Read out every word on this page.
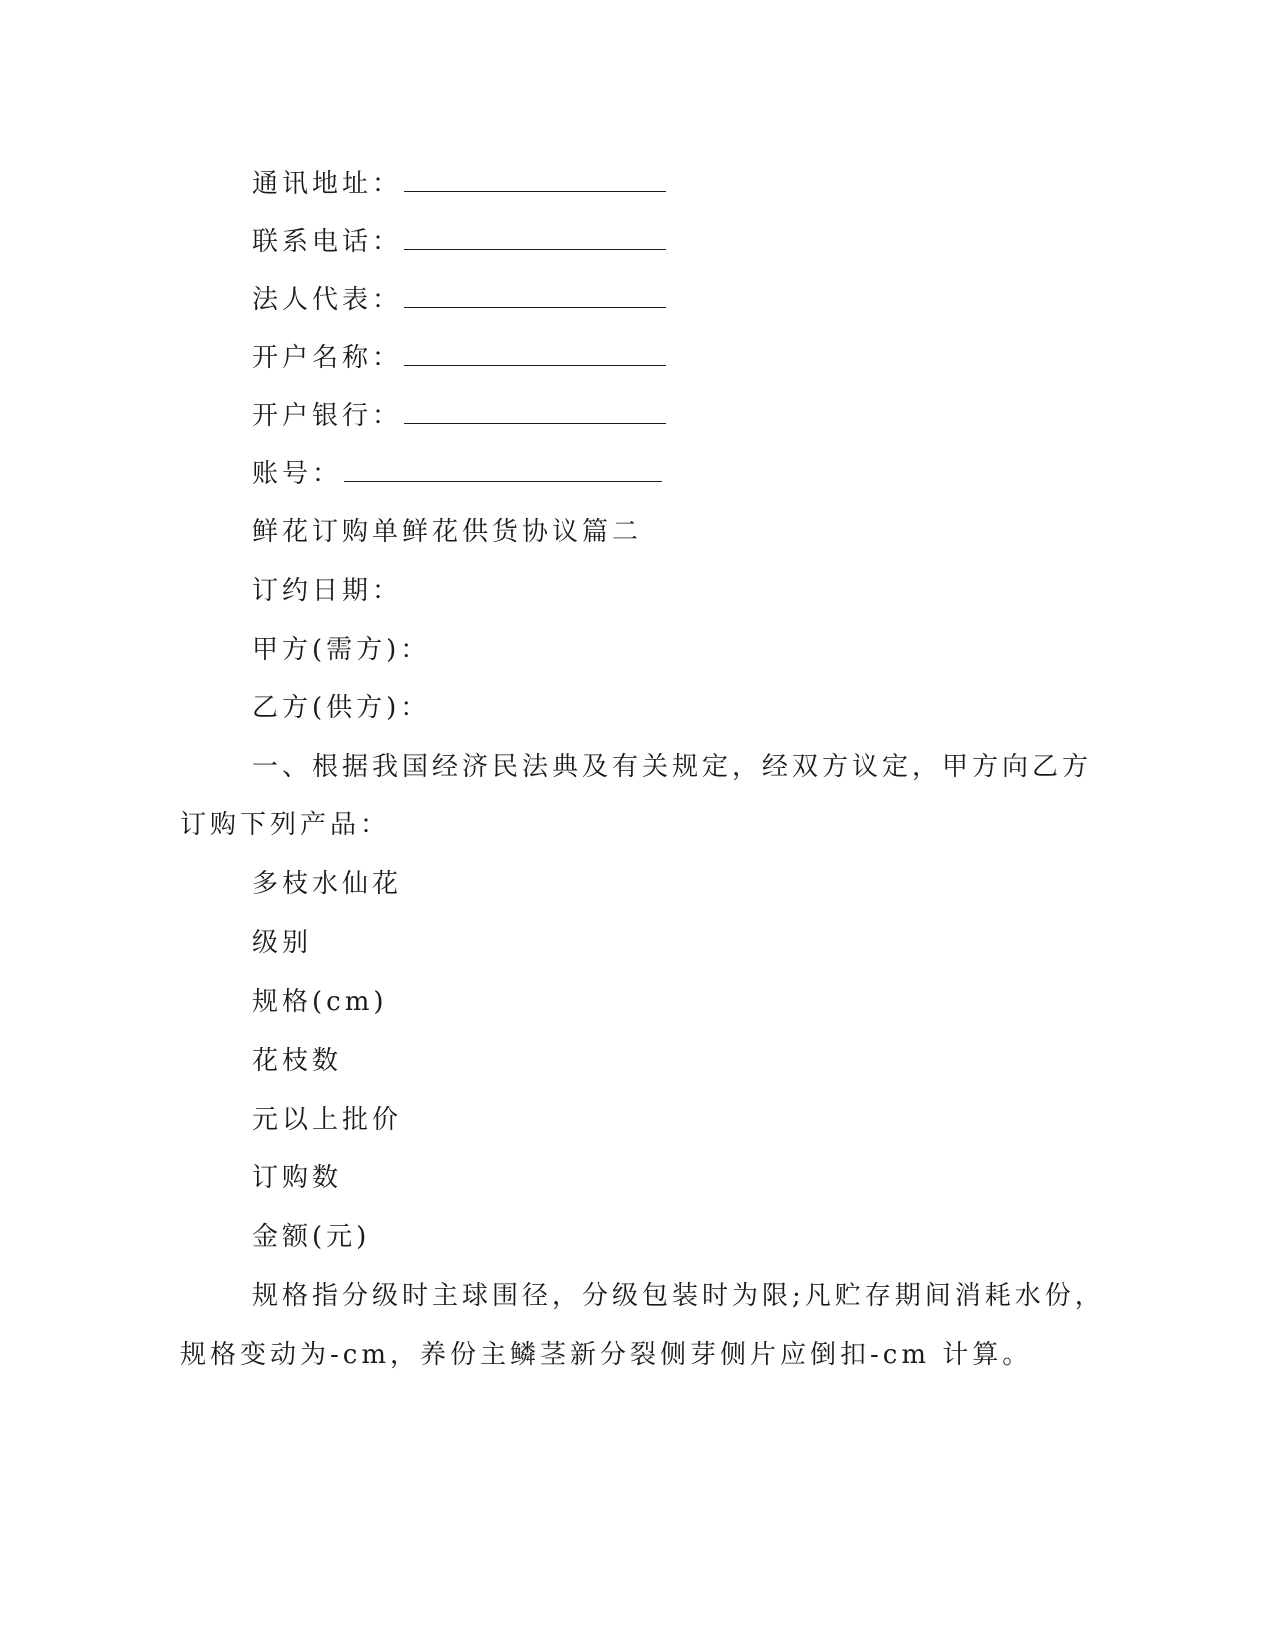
通讯地址：
联系电话：
法人代表：
开户名称：
开户银行：
账号：
鲜花订购单鲜花供货协议篇二
订约日期：
甲方(需方)：
乙方(供方)：
一、根据我国经济民法典及有关规定，经双方议定，甲方向乙方
订购下列产品：
多枝水仙花
级别
规格(cm)
花枝数
元以上批价
订购数
金额(元)
规格指分级时主球围径，分级包装时为限;凡贮存期间消耗水份，
规格变动为-cm，养份主鳞茎新分裂侧芽侧片应倒扣-cm 计算。
